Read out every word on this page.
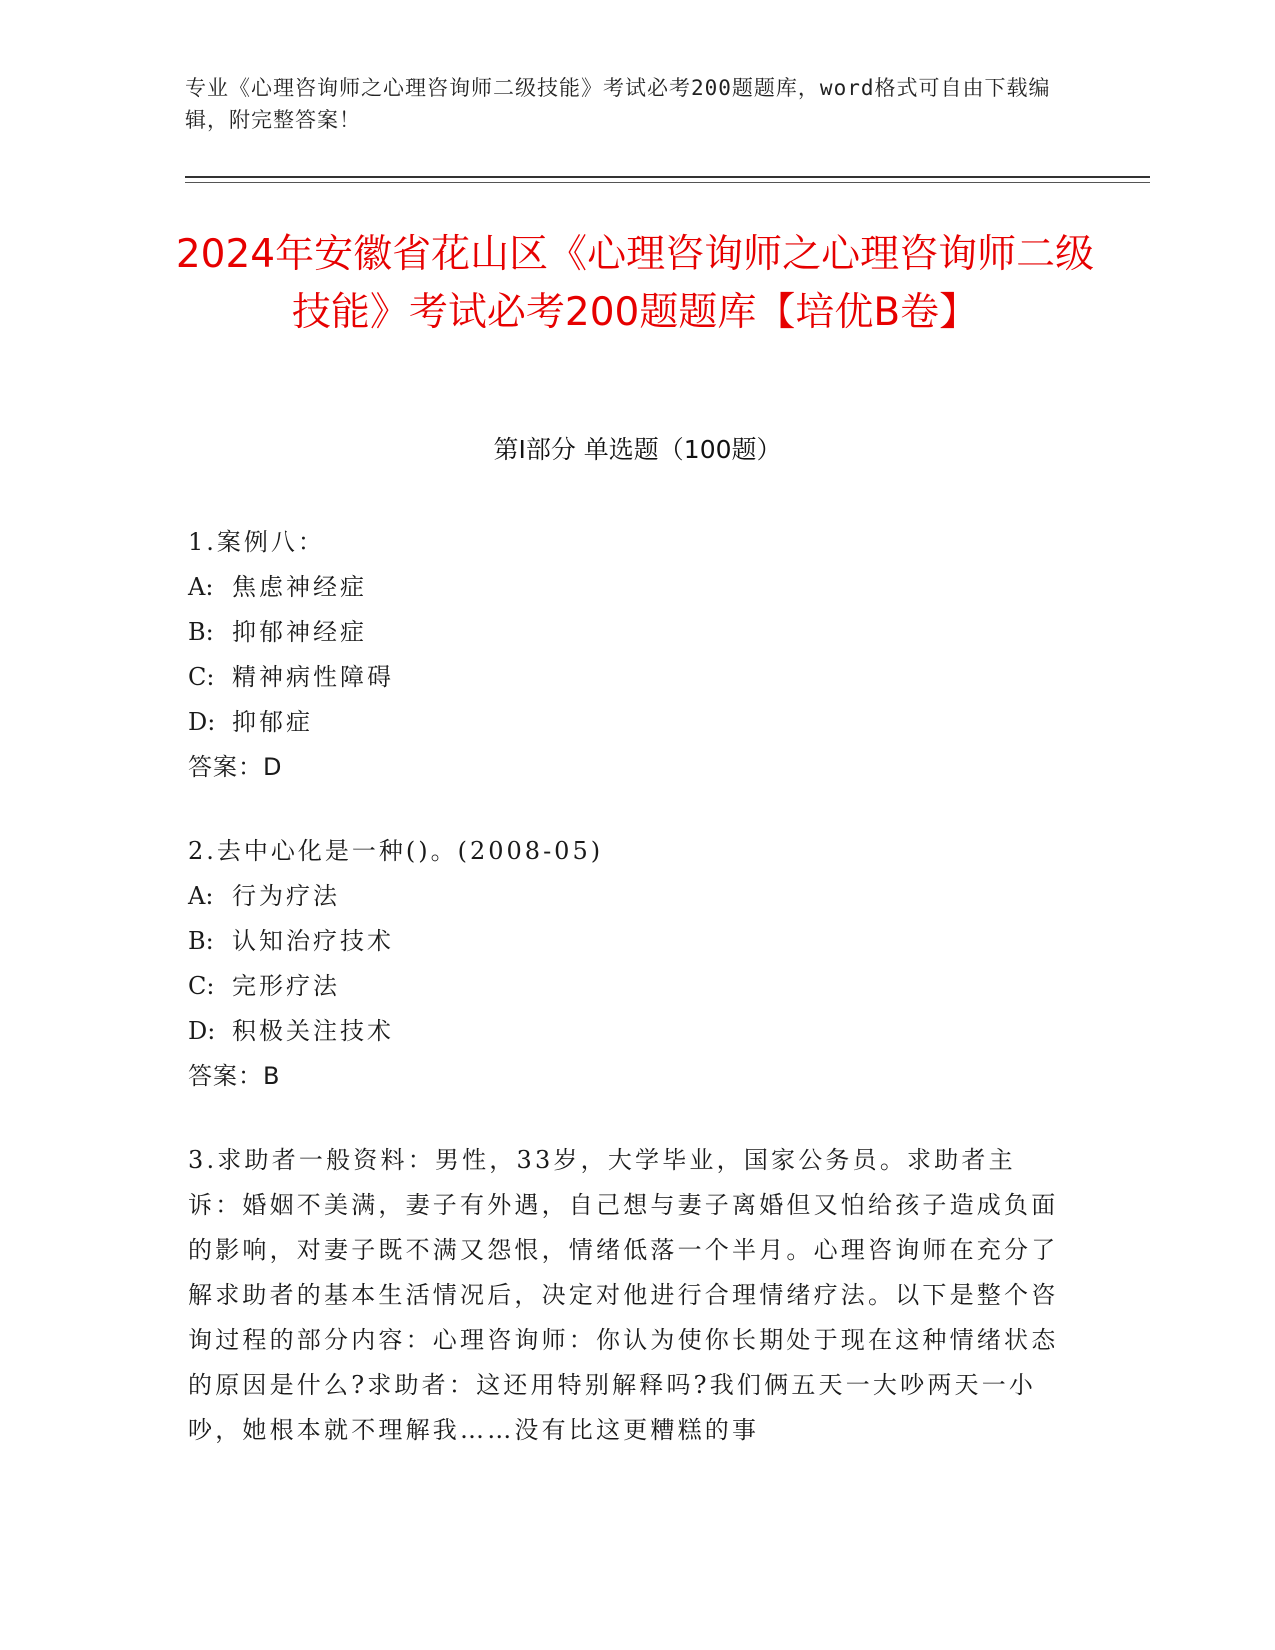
专业《心理咨询师之心理咨询师二级技能》考试必考200题题库，word格式可自由下载编辑，附完整答案！
2024年安徽省花山区《心理咨询师之心理咨询师二级技能》考试必考200题题库【培优B卷】
第I部分 单选题（100题）
1.案例八：
A: 焦虑神经症
B: 抑郁神经症
C: 精神病性障碍
D: 抑郁症
答案：D
2.去中心化是一种()。(2008-05)
A: 行为疗法
B: 认知治疗技术
C: 完形疗法
D: 积极关注技术
答案：B
3.求助者一般资料：男性，33岁，大学毕业，国家公务员。求助者主诉：婚姻不美满，妻子有外遇，自己想与妻子离婚但又怕给孩子造成负面的影响，对妻子既不满又怨恨，情绪低落一个半月。心理咨询师在充分了解求助者的基本生活情况后，决定对他进行合理情绪疗法。以下是整个咨询过程的部分内容：心理咨询师：你认为使你长期处于现在这种情绪状态的原因是什么?求助者：这还用特别解释吗?我们俩五天一大吵两天一小吵，她根本就不理解我……没有比这更糟糕的事
